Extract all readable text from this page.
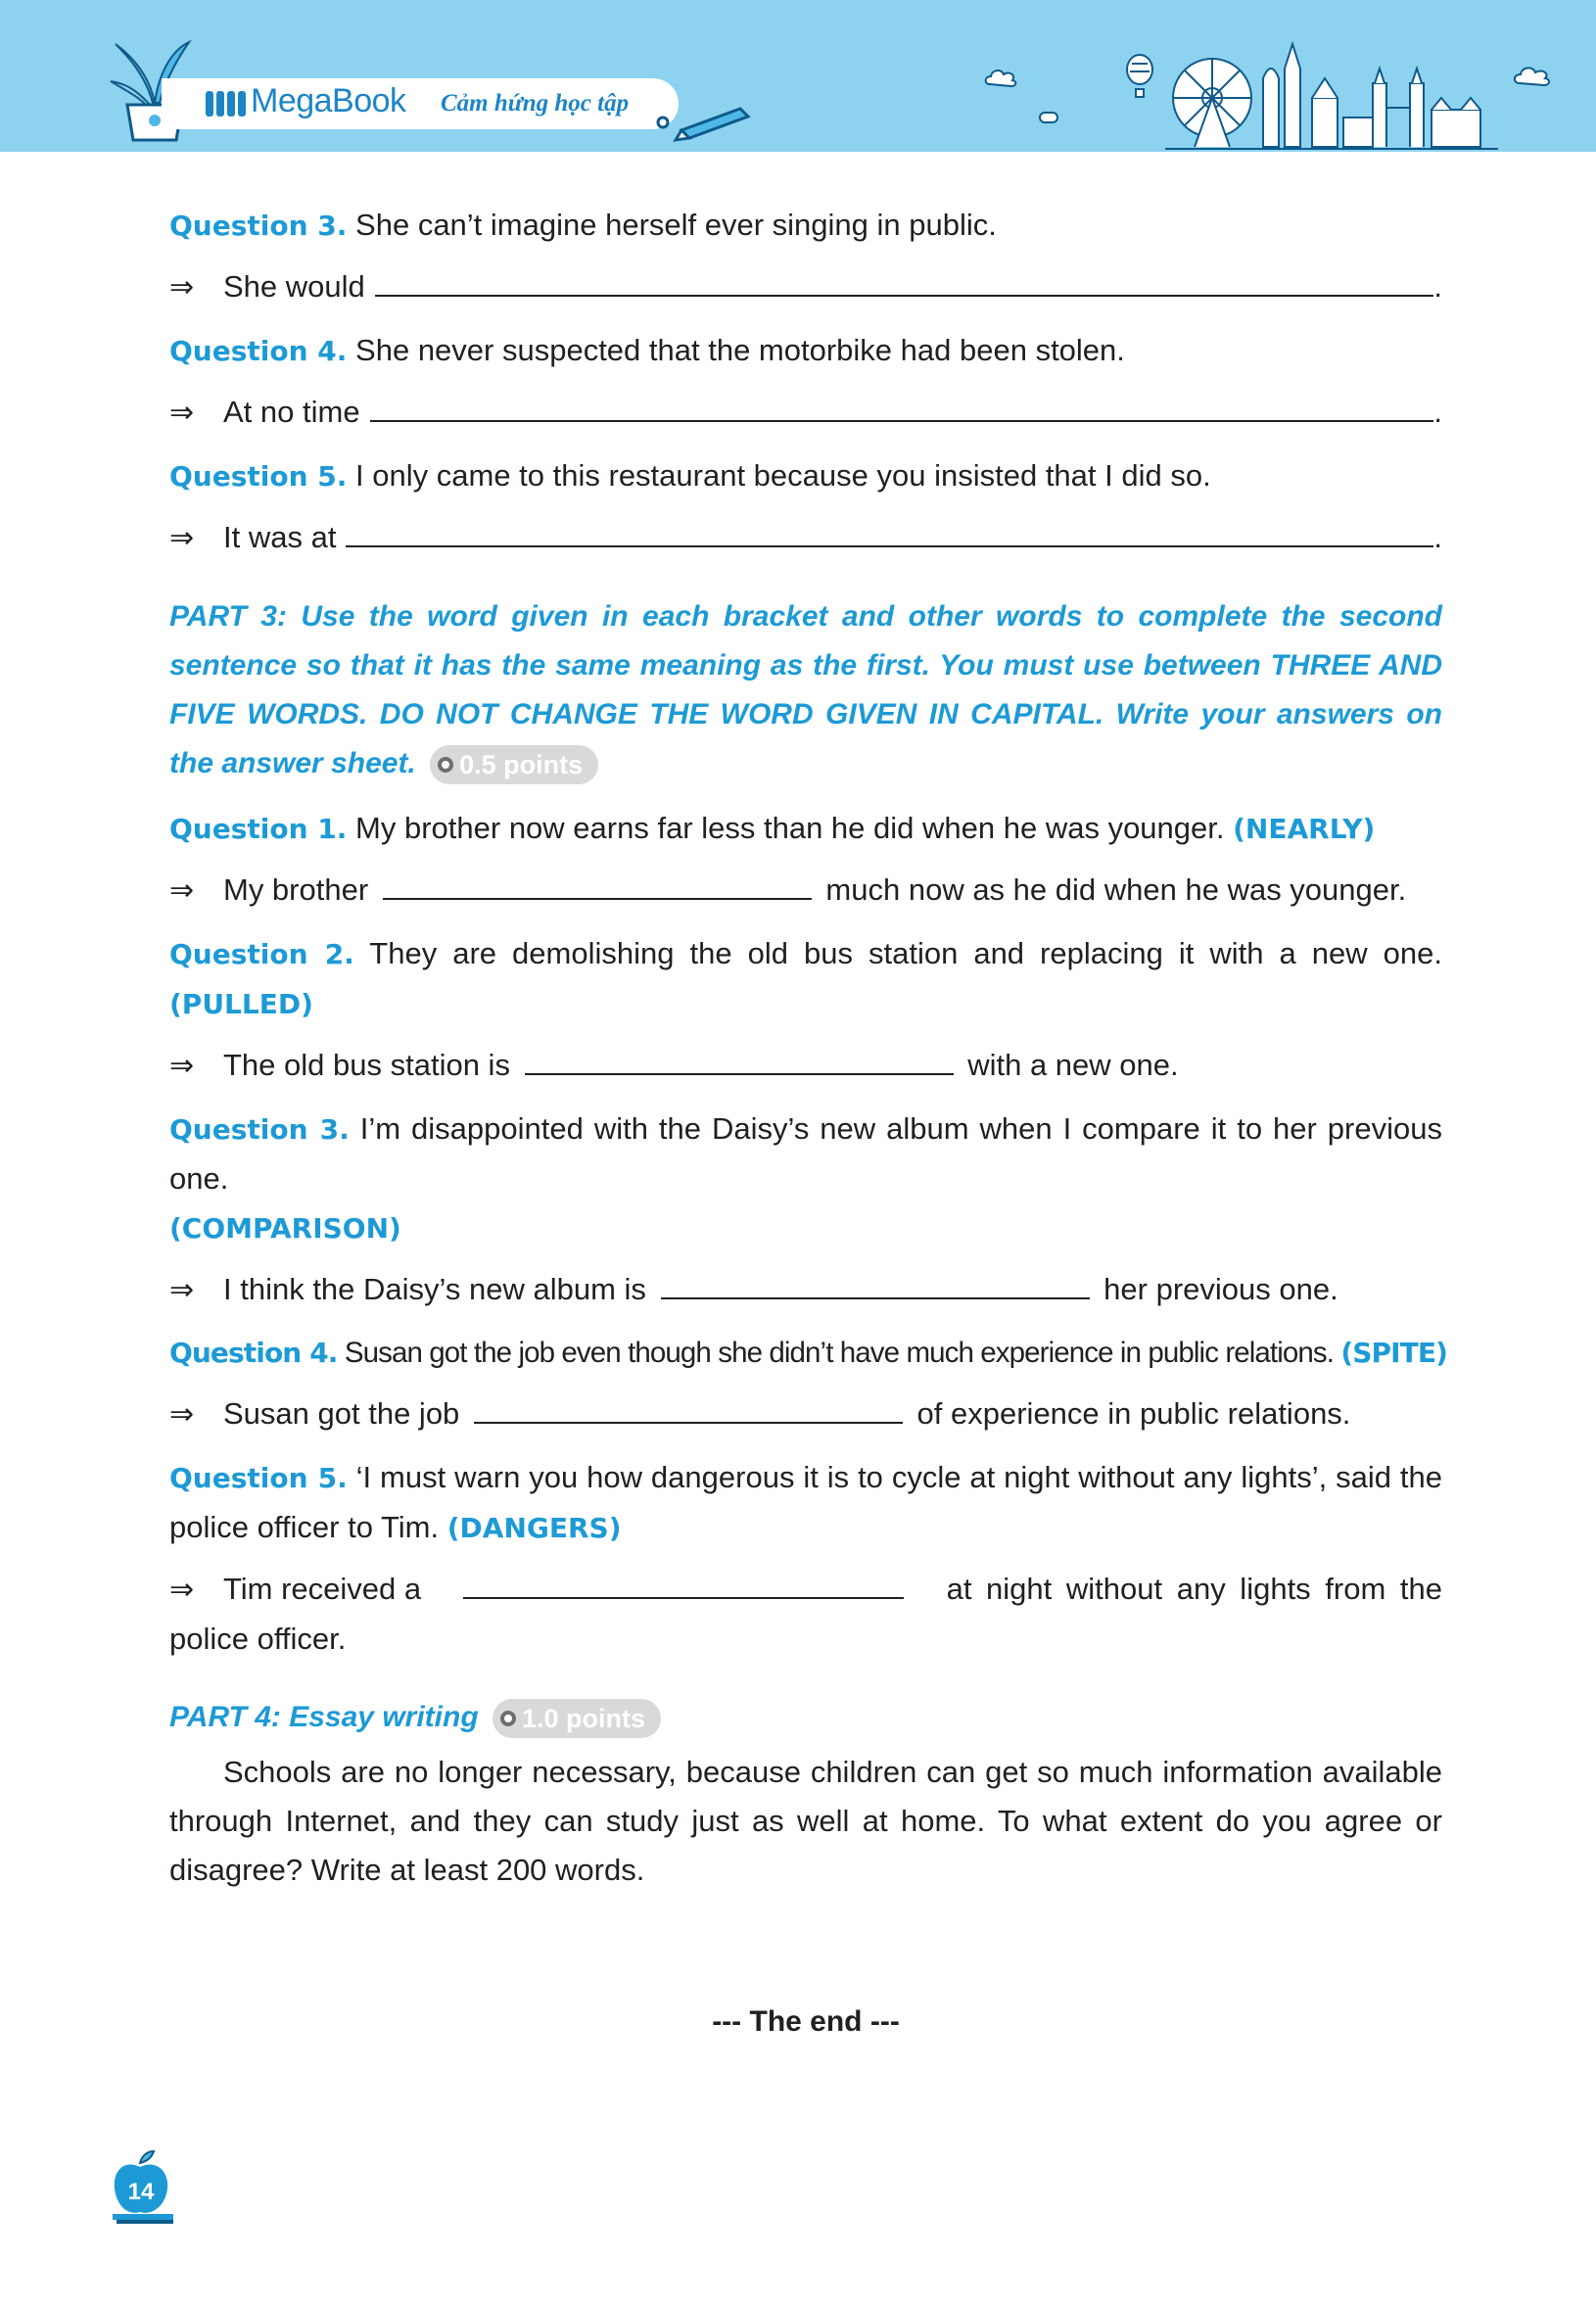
MegaBook Cảm hứng học tập

Question 3. She can’t imagine herself ever singing in public.

⇒ She would	.

Question 4. She never suspected that the motorbike had been stolen.

⇒ At no time	.

Question 5. I only came to this restaurant because you insisted that I did so.

⇒ It was at	.

PART 3: Use the word given in each bracket and other words to complete the second sentence so that it has the same meaning as the first. You must use between THREE AND FIVE WORDS. DO NOT CHANGE THE WORD GIVEN IN CAPITAL. Write your answers on the answer sheet. 0.5 points

Question 1. My brother now earns far less than he did when he was younger. (NEARLY)

⇒ My brother	much now as he did when he was younger.

Question 2. They are demolishing the old bus station and replacing it with a new one. (PULLED)

⇒ The old bus station is	with a new one.

Question 3. I’m disappointed with the Daisy’s new album when I compare it to her previous one.
(COMPARISON)

⇒ I think the Daisy’s new album is	her previous one.

Question 4. Susan got the job even though she didn’t have much experience in public relations. (SPITE)

⇒ Susan got the job	of experience in public relations.

Question 5. ‘I must warn you how dangerous it is to cycle at night without any lights’, said the police officer to Tim. (DANGERS)

⇒ Tim received a	at night without any lights from the
police officer.

PART 4: Essay writing 1.0 points

Schools are no longer necessary, because children can get so much information available through Internet, and they can study just as well at home. To what extent do you agree or disagree? Write at least 200 words.

--- The end ---

14
